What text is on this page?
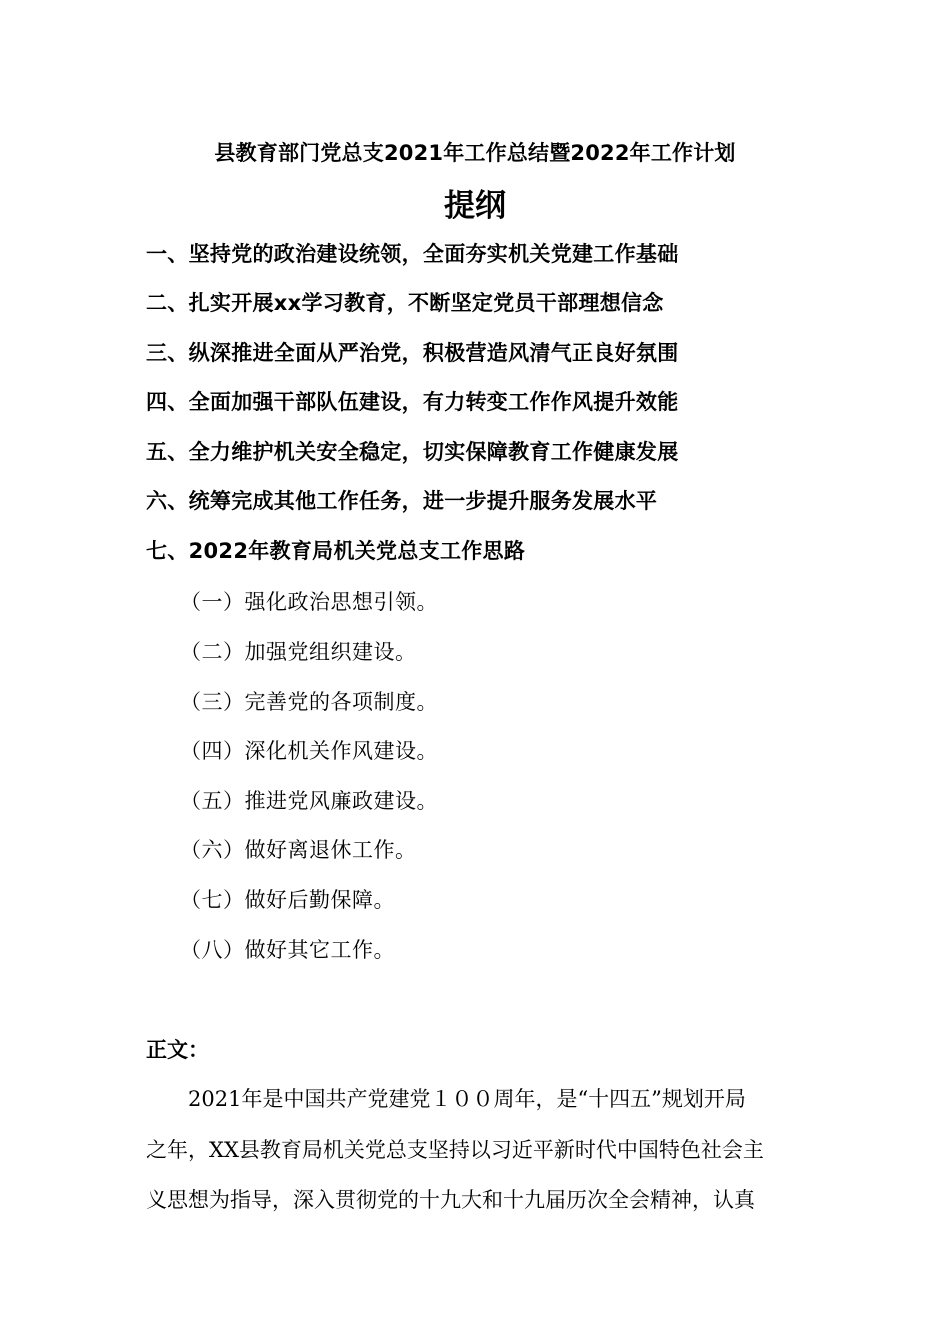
县教育部门党总支2021年工作总结暨2022年工作计划
提纲
一、坚持党的政治建设统领，全面夯实机关党建工作基础
二、扎实开展xx学习教育，不断坚定党员干部理想信念
三、纵深推进全面从严治党，积极营造风清气正良好氛围
四、全面加强干部队伍建设，有力转变工作作风提升效能
五、全力维护机关安全稳定，切实保障教育工作健康发展
六、统筹完成其他工作任务，进一步提升服务发展水平
七、2022年教育局机关党总支工作思路
（一）强化政治思想引领。
（二）加强党组织建设。
（三）完善党的各项制度。
（四）深化机关作风建设。
（五）推进党风廉政建设。
（六）做好离退休工作。
（七）做好后勤保障。
（八）做好其它工作。
正文：
　　2021年是中国共产党建党１００周年，是“十四五”规划开局
之年，XX县教育局机关党总支坚持以习近平新时代中国特色社会主
义思想为指导，深入贯彻党的十九大和十九届历次全会精神，认真
